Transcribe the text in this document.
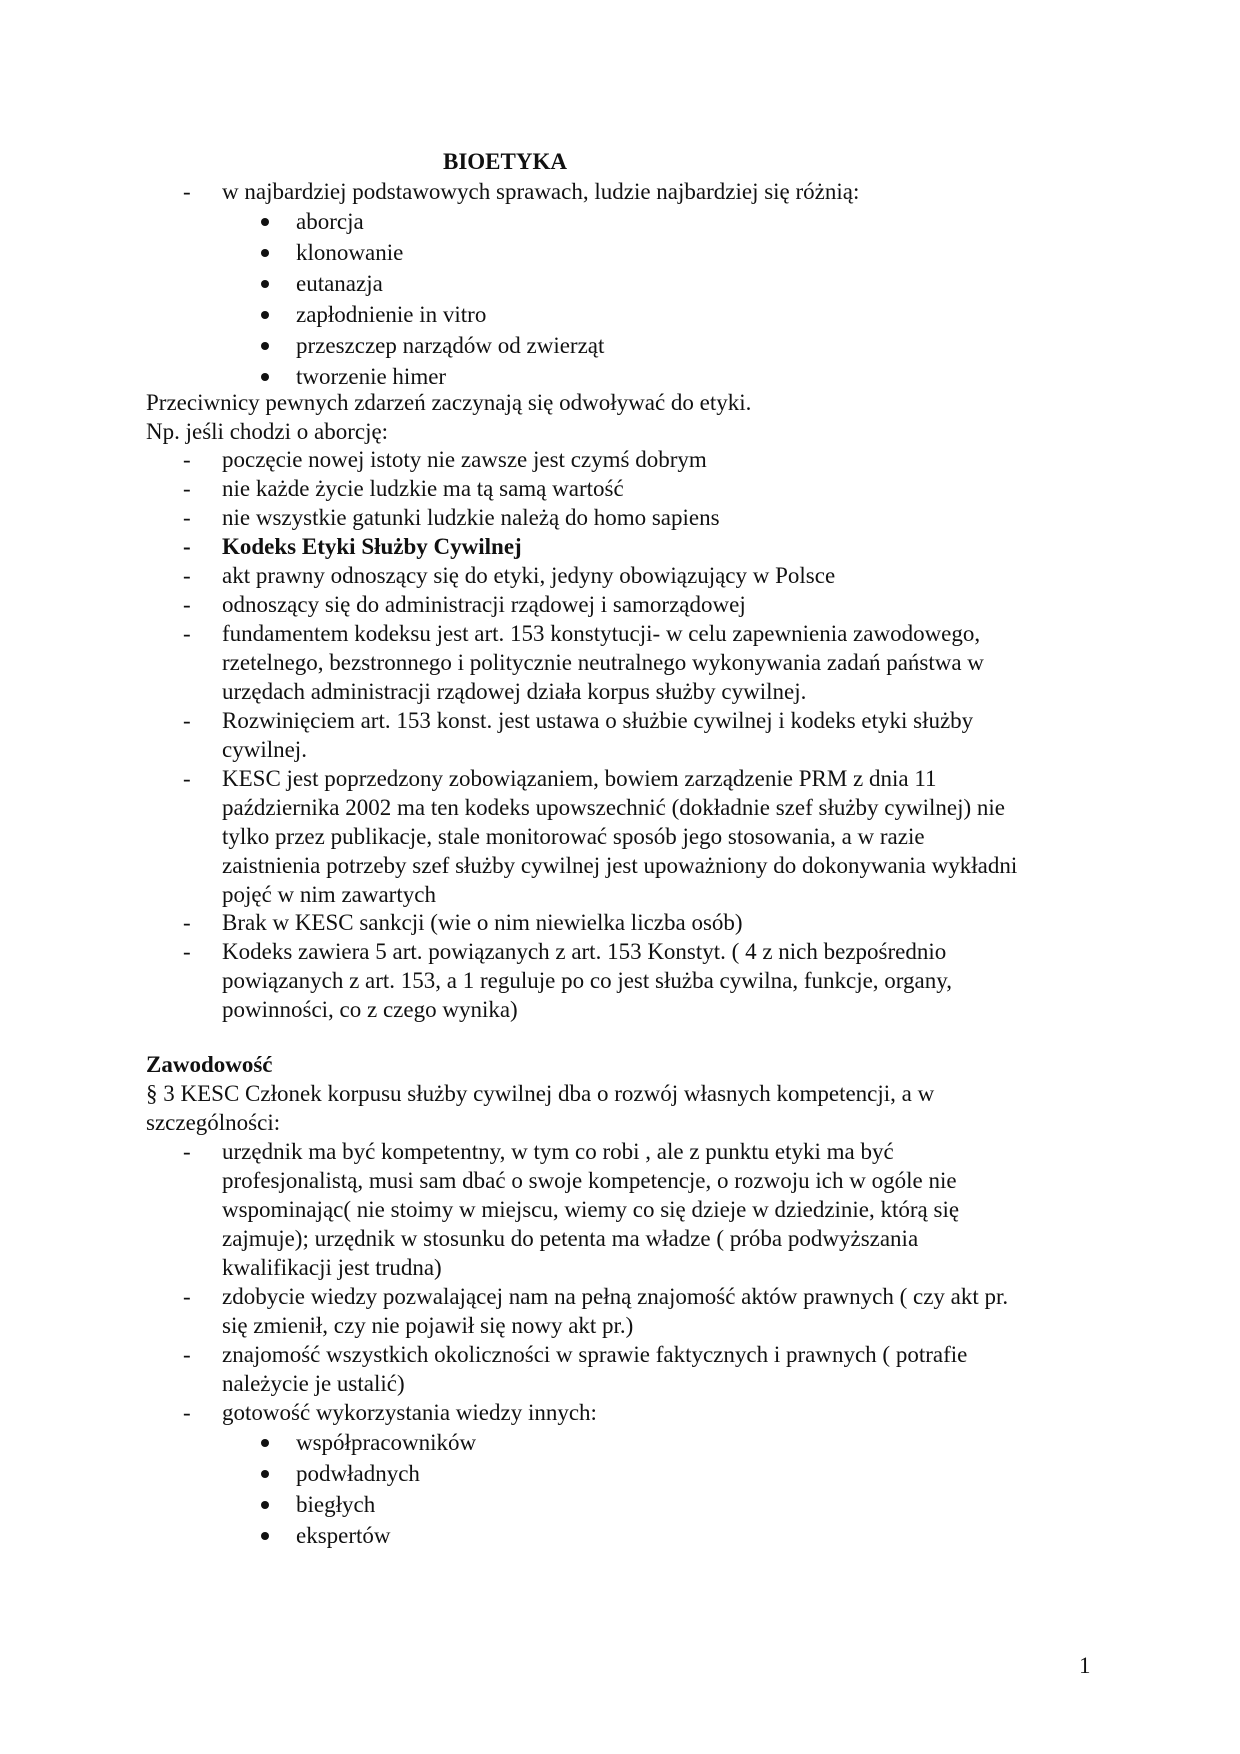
BIOETYKA
- w najbardziej podstawowych sprawach, ludzie najbardziej się różnią:
aborcja
klonowanie
eutanazja
zapłodnienie in vitro
przeszczep narządów od zwierząt
tworzenie himer
Przeciwnicy pewnych zdarzeń zaczynają się odwoływać do etyki.
Np. jeśli chodzi o aborcję:
- poczęcie nowej istoty nie zawsze jest czymś dobrym
- nie każde życie ludzkie ma tą samą wartość
- nie wszystkie gatunki ludzkie należą do homo sapiens
- Kodeks Etyki Służby Cywilnej
- akt prawny odnoszący się do etyki, jedyny obowiązujący w Polsce
- odnoszący się do administracji rządowej i samorządowej
- fundamentem kodeksu jest art. 153 konstytucji- w celu zapewnienia zawodowego,
rzetelnego, bezstronnego i politycznie neutralnego wykonywania zadań państwa w
urzędach administracji rządowej działa korpus służby cywilnej.
- Rozwinięciem art. 153 konst. jest ustawa o służbie cywilnej i kodeks etyki służby
cywilnej.
- KESC jest poprzedzony zobowiązaniem, bowiem zarządzenie PRM z dnia 11
października 2002 ma ten kodeks upowszechnić (dokładnie szef służby cywilnej) nie
tylko przez publikacje, stale monitorować sposób jego stosowania, a w razie
zaistnienia potrzeby szef służby cywilnej jest upoważniony do dokonywania wykładni
pojęć w nim zawartych
- Brak w KESC sankcji (wie o nim niewielka liczba osób)
- Kodeks zawiera 5 art. powiązanych z art. 153 Konstyt. ( 4 z nich bezpośrednio
powiązanych z art. 153, a 1 reguluje po co jest służba cywilna, funkcje, organy,
powinności, co z czego wynika)
Zawodowość
§ 3 KESC Członek korpusu służby cywilnej dba o rozwój własnych kompetencji, a w
szczególności:
- urzędnik ma być kompetentny, w tym co robi , ale z punktu etyki ma być
profesjonalistą, musi sam dbać o swoje kompetencje, o rozwoju ich w ogóle nie
wspominając( nie stoimy w miejscu, wiemy co się dzieje w dziedzinie, którą się
zajmuje); urzędnik w stosunku do petenta ma władze ( próba podwyższania
kwalifikacji jest trudna)
- zdobycie wiedzy pozwalającej nam na pełną znajomość aktów prawnych ( czy akt pr.
się zmienił, czy nie pojawił się nowy akt pr.)
- znajomość wszystkich okoliczności w sprawie faktycznych i prawnych ( potrafie
należycie je ustalić)
- gotowość wykorzystania wiedzy innych:
współpracowników
podwładnych
biegłych
ekspertów
1
